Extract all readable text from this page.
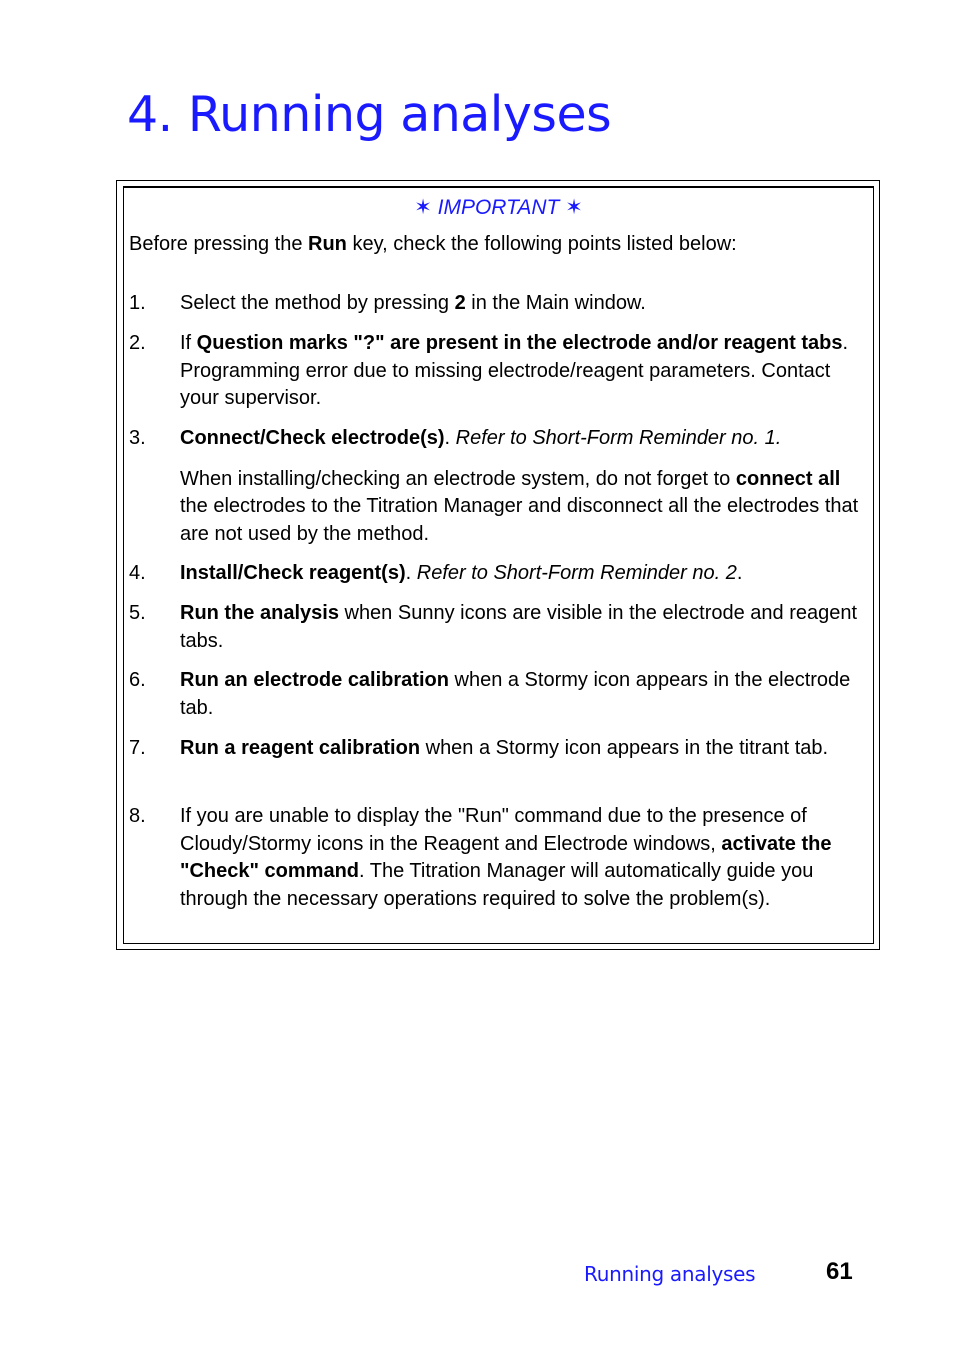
4. Running analyses
✶ IMPORTANT ✶
Before pressing the Run key, check the following points listed below:
1.	Select the method by pressing 2 in the Main window.

2.	If Question marks "?" are present in the electrode and/or reagent tabs. Programming error due to missing electrode/reagent parameters. Contact your supervisor.

3.	Connect/Check electrode(s). Refer to Short-Form Reminder no. 1.

When installing/checking an electrode system, do not forget to connect all the electrodes to the Titration Manager and disconnect all the electrodes that are not used by the method.

4.	Install/Check reagent(s). Refer to Short-Form Reminder no. 2.

5.	Run the analysis when Sunny icons are visible in the electrode and reagent tabs.

6.	Run an electrode calibration when a Stormy icon appears in the electrode tab.

7.	Run a reagent calibration when a Stormy icon appears in the titrant tab.

8.	If you are unable to display the "Run" command due to the presence of Cloudy/Stormy icons in the Reagent and Electrode windows, activate the "Check" command. The Titration Manager will automatically guide you through the necessary operations required to solve the problem(s).

Running analyses	61
